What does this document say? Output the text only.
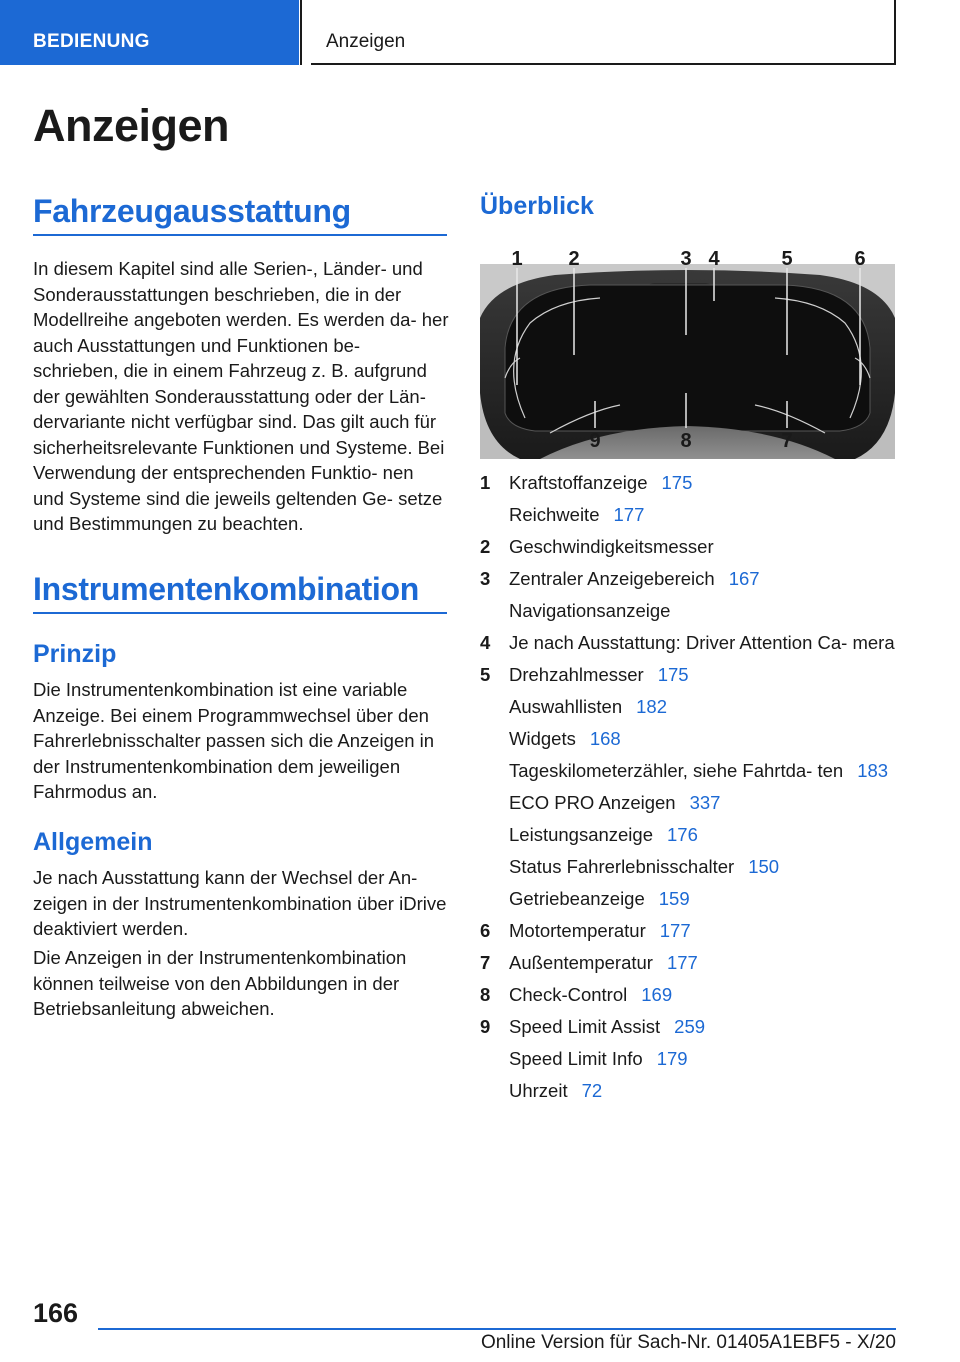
BEDIENUNG	Anzeigen
Anzeigen
Fahrzeugausstattung

In diesem Kapitel sind alle Serien-, Länder- und Sonderausstattungen beschrieben, die in der Modellreihe angeboten werden. Es werden da- her auch Ausstattungen und Funktionen be- schrieben, die in einem Fahrzeug z. B. aufgrund der gewählten Sonderausstattung oder der Län- dervariante nicht verfügbar sind. Das gilt auch für sicherheitsrelevante Funktionen und Systeme. Bei Verwendung der entsprechenden Funktio- nen und Systeme sind die jeweils geltenden Ge- setze und Bestimmungen zu beachten.

Instrumentenkombination
Prinzip

Die Instrumentenkombination ist eine variable Anzeige. Bei einem Programmwechsel über den Fahrerlebnisschalter passen sich die Anzeigen in der Instrumentenkombination dem jeweiligen Fahrmodus an.

Allgemein

Je nach Ausstattung kann der Wechsel der An- zeigen in der Instrumentenkombination über iDrive deaktiviert werden.

Die Anzeigen in der Instrumentenkombination können teilweise von den Abbildungen in der Betriebsanleitung abweichen.

Überblick
1 2	3 4	5	6
9	8	7
1 Kraftstoffanzeige 175
Reichweite 177
2 Geschwindigkeitsmesser
3 Zentraler Anzeigebereich 167
Navigationsanzeige
4 Je nach Ausstattung: Driver Attention Ca- mera
5 Drehzahlmesser 175
Auswahllisten 182
Widgets 168
Tageskilometerzähler, siehe Fahrtda- ten 183
ECO PRO Anzeigen 337
Leistungsanzeige 176
Status Fahrerlebnisschalter 150
Getriebeanzeige 159
6 Motortemperatur 177
7 Außentemperatur 177
8 Check-Control 169
9 Speed Limit Assist 259
Speed Limit Info 179
Uhrzeit 72
166
Online Version für Sach-Nr. 01405A1EBF5 - X/20
